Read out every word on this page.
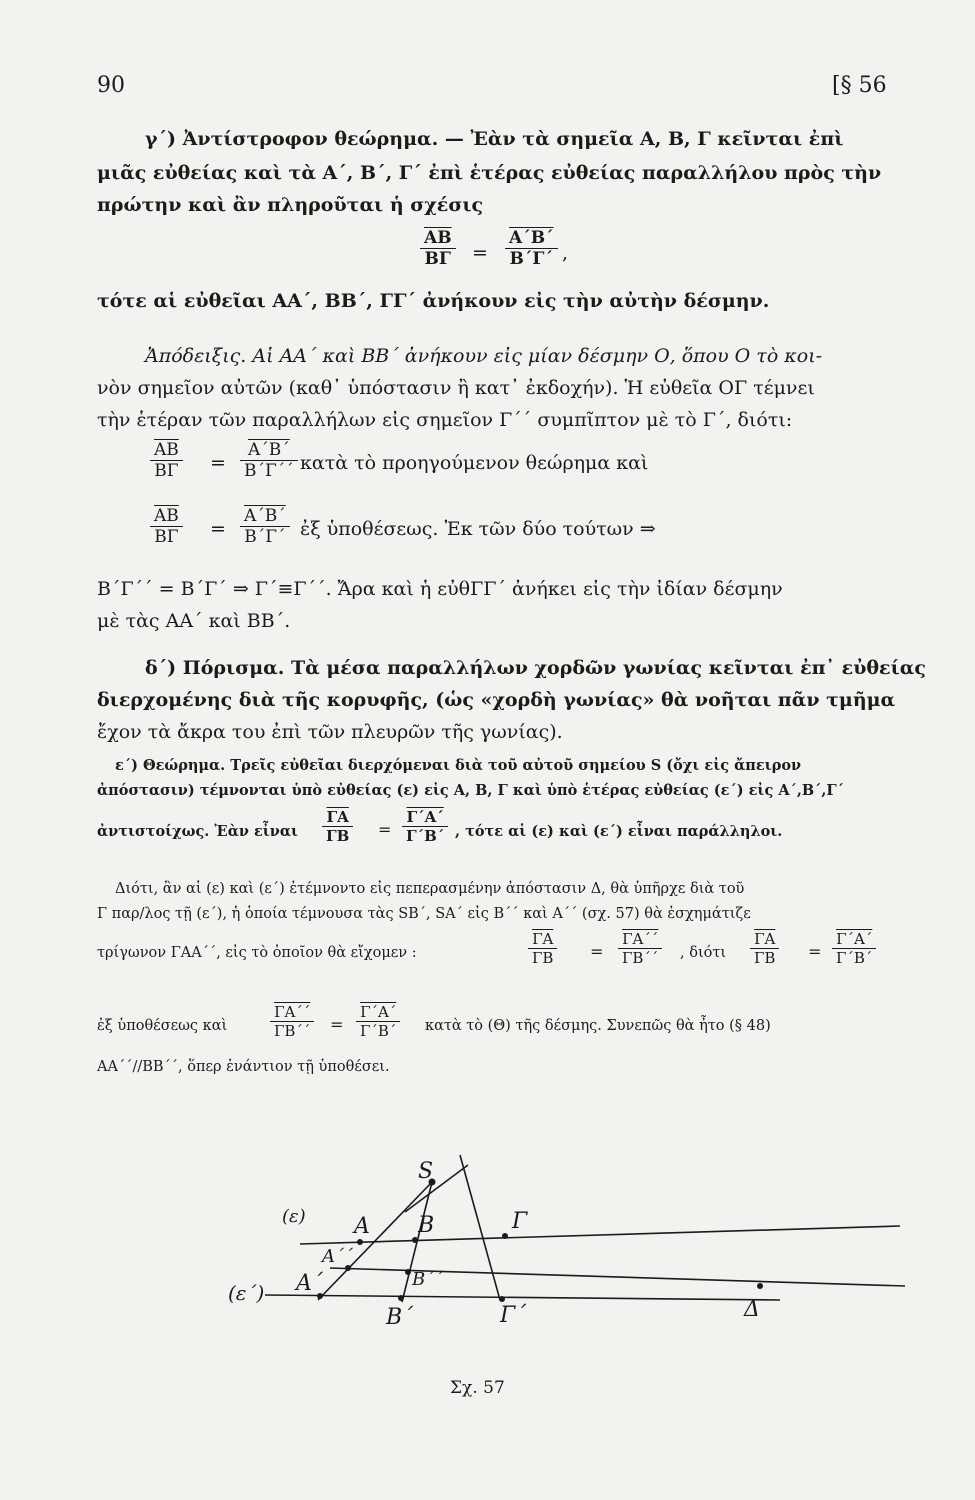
90	[§ 56
γ΄) Ἀντίστροφον θεώρημα. — Ἐὰν τὰ σημεῖα Α, Β, Γ κεῖνται ἐπὶ
μιᾶς εὐθείας καὶ τὰ Α΄, Β΄, Γ΄ ἐπὶ ἑτέρας εὐθείας παραλλήλου πρὸς τὴν
πρώτην καὶ ἂν πληροῦται ἡ σχέσις
$\frac{\overline{AB}}{B\Gamma} = \frac{A΄B΄}{B΄\Gamma΄}$ ,
τότε αἱ εὐθεῖαι ΑΑ΄, ΒΒ΄, ΓΓ΄ ἀνήκουν εἰς τὴν αὐτὴν δέσμην.
Ἀπόδειξις. Αἱ ΑΑ΄ καὶ ΒΒ΄ ἀνήκουν εἰς μίαν δέσμην Ο, ὅπου Ο τὸ κοι-
νὸν σημεῖον αὐτῶν (καθ᾽ ὑπόστασιν ἢ κατ᾽ ἐκδοχήν). Ἡ εὐθεῖα ΟΓ τέμνει
τὴν ἑτέραν τῶν παραλλήλων εἰς σημεῖον Γ΄΄ συμπῖπτον μὲ τὸ Γ΄, διότι:
$\frac{\overline{AB}}{B\Gamma} = \frac{A΄B΄}{B΄\Gamma΄΄}$ κατὰ τὸ προηγούμενον θεώρημα καὶ
$\frac{\overline{AB}}{B\Gamma} = \frac{A΄B΄}{B΄\Gamma΄}$ ἐξ ὑποθέσεως. Ἐκ τῶν δύο τούτων ⇒
Β΄Γ΄΄ = Β΄Γ΄ ⇒ Γ΄≡Γ΄΄. Ἄρα καὶ ἡ εὐθΓΓ΄ ἀνήκει εἰς τὴν ἰδίαν δέσμην
μὲ τὰς ΑΑ΄ καὶ ΒΒ΄.
δ΄) Πόρισμα. Τὰ μέσα παραλλήλων χορδῶν γωνίας κεῖνται ἐπ᾽ εὐθείας
διερχομένης διὰ τῆς κορυφῆς, (ὡς «χορδὴ γωνίας» θὰ νοῆται πᾶν τμῆμα
ἔχον τὰ ἄκρα του ἐπὶ τῶν πλευρῶν τῆς γωνίας).
ε΄) Θεώρημα. Τρεῖς εὐθεῖαι διερχόμεναι διὰ τοῦ αὐτοῦ σημείου S (ὄχι εἰς ἄπειρον
ἀπόστασιν) τέμνονται ὑπὸ εὐθείας (ε) εἰς Α, Β, Γ καὶ ὑπὸ ἑτέρας εὐθείας (ε΄) εἰς Α΄,Β΄,Γ΄
ἀντιστοίχως. Ἐὰν εἶναι $\frac{\overline{\Gamma A}}{\Gamma B} = \frac{\Gamma΄A΄}{\Gamma΄B΄}$ , τότε αἱ (ε) καὶ (ε΄) εἶναι παράλληλοι.
Διότι, ἂν αἱ (ε) καὶ (ε΄) ἐτέμνοντο εἰς πεπερασμένην ἀπόστασιν Δ, θὰ ὑπῆρχε διὰ τοῦ
Γ παρ/λος τῇ (ε΄), ἡ ὁποία τέμνουσα τὰς SΒ΄, SΑ΄ εἰς Β΄΄ καὶ Α΄΄ (σχ. 57) θὰ ἐσχημάτιζε
τρίγωνον ΓΑΑ΄΄, εἰς τὸ ὁποῖον θὰ εἴχομεν :	$\frac{\overline{\Gamma A}}{\Gamma B} = \frac{\Gamma A΄΄}{\Gamma B΄΄}$ , διότι	$\frac{\overline{\Gamma A}}{\Gamma B} = \frac{\Gamma΄A΄}{\Gamma΄B΄}$
ἐξ ὑποθέσεως καὶ	$\frac{\Gamma A΄΄}{\Gamma B΄΄} = \frac{\Gamma΄A΄}{\Gamma΄B΄}$ κατὰ τὸ (Θ) τῆς δέσμης. Συνεπῶς θὰ ἦτο (§ 48)
ΑΑ΄΄//ΒΒ΄΄, ὅπερ ἐνάντιον τῇ ὑποθέσει.
S
(ε)
(ε΄)
Α Β	Γ
Α΄΄
Β΄΄
Α΄
Β΄	Γ΄	Δ
Σχ. 57
